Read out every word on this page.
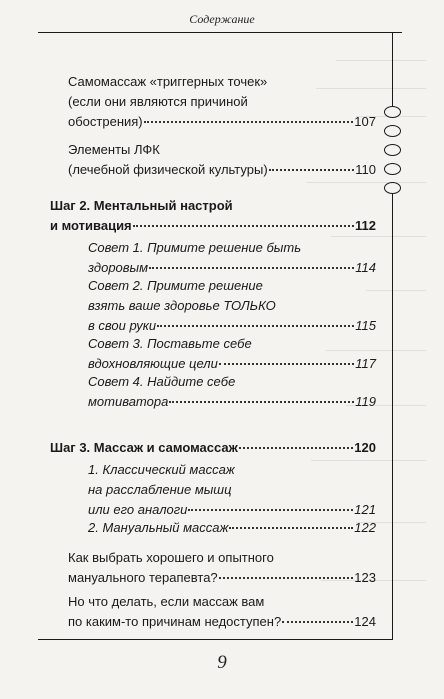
Содержание
Самомассаж «триггерных точек»
(если они являются причиной
обострения)	107
Элементы ЛФК
(лечебной физической культуры)	110
Шаг 2. Ментальный настрой
и мотивация	112
Совет 1. Примите решение быть
здоровым	114
Совет 2. Примите решение
взять ваше здоровье ТОЛЬКО
в свои руки	115
Совет 3. Поставьте себе
вдохновляющие цели	117
Совет 4. Найдите себе
мотиватора	119
Шаг 3. Массаж и самомассаж	120
1. Классический массаж
на расслабление мышц
или его аналоги	121
2. Мануальный массаж	122
Как выбрать хорошего и опытного
мануального терапевта?	123
Но что делать, если массаж вам
по каким-то причинам недоступен?	124
9
